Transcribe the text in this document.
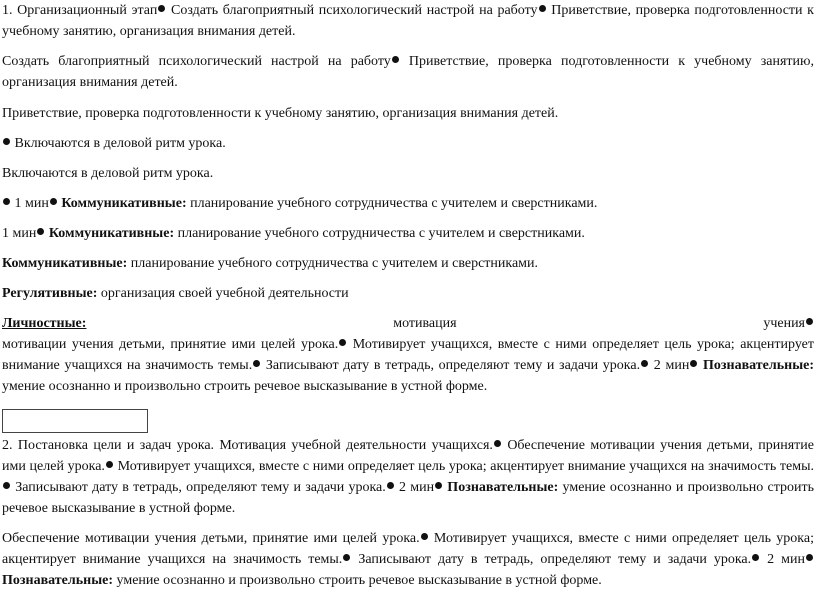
1. Организационный этап Создать благоприятный психологический настрой на работу Приветствие, проверка подготовленности к учебному занятию, организация внимания детей.

Создать благоприятный психологический настрой на работу Приветствие, проверка подготовленности к учебному занятию, организация внимания детей.

Приветствие, проверка подготовленности к учебному занятию, организация внимания детей.

Включаются в деловой ритм урока.

Включаются в деловой ритм урока.

1 мин Коммуникативные: планирование учебного сотрудничества с учителем и сверстниками.

1 мин Коммуникативные: планирование учебного сотрудничества с учителем и сверстниками.

Коммуникативные: планирование учебного сотрудничества с учителем и сверстниками.

Регулятивные: организация своей учебной деятельности

Личностные: мотивация учения

мотивации учения детьми, принятие ими целей урока. Мотивирует учащихся, вместе с ними определяет цель урока; акцентирует внимание учащихся на значимость темы. Записывают дату в тетрадь, определяют тему и задачи урока. 2 мин Познавательные: умение осознанно и произвольно строить речевое высказывание в устной форме.

2. Постановка цели и задач урока. Мотивация учебной деятельности учащихся. Обеспечение мотивации учения детьми, принятие ими целей урока. Мотивирует учащихся, вместе с ними определяет цель урока; акцентирует внимание учащихся на значимость темы. Записывают дату в тетрадь, определяют тему и задачи урока. 2 мин Познавательные: умение осознанно и произвольно строить речевое высказывание в устной форме.

Обеспечение мотивации учения детьми, принятие ими целей урока. Мотивирует учащихся, вместе с ними определяет цель урока; акцентирует внимание учащихся на значимость темы. Записывают дату в тетрадь, определяют тему и задачи урока. 2 мин Познавательные: умение осознанно и произвольно строить речевое высказывание в устной форме.
